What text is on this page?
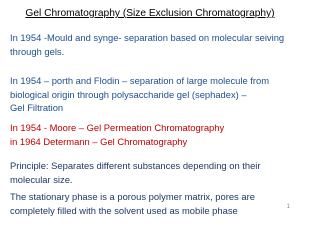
Gel Chromatography (Size Exclusion Chromatography)
In 1954 -Mould and synge- separation based on molecular seiving
through gels.
In 1954 – porth and Flodin – separation of large molecule from
biological origin through polysaccharide gel (sephadex) –
Gel Filtration
In 1954 - Moore – Gel Permeation Chromatography
in 1964 Determann – Gel Chromatography
Principle: Separates different substances depending on their
molecular size.
The stationary phase is a porous polymer matrix, pores are
completely filled with the solvent used as mobile phase	1
